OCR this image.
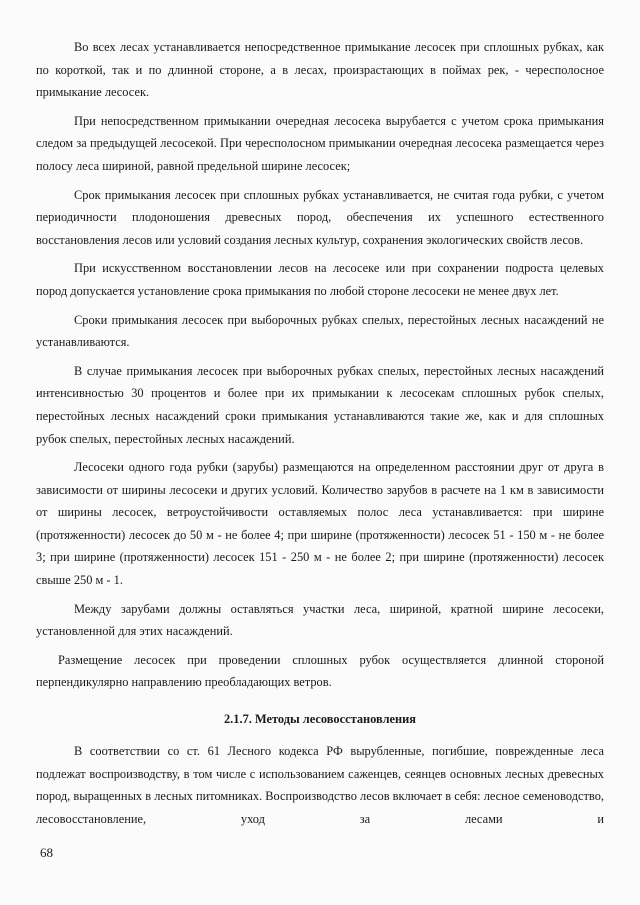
Во всех лесах устанавливается непосредственное примыкание лесосек при сплошных рубках, как по короткой, так и по длинной стороне, а в лесах, произрастающих в поймах рек, - чересполосное примыкание лесосек.

При непосредственном примыкании очередная лесосека вырубается с учетом срока примыкания следом за предыдущей лесосекой. При чересполосном примыкании очередная лесосека размещается через полосу леса шириной, равной предельной ширине лесосек;

Срок примыкания лесосек при сплошных рубках устанавливается, не считая года рубки, с учетом периодичности плодоношения древесных пород, обеспечения их успешного естественного восстановления лесов или условий создания лесных культур, сохранения экологических свойств лесов.

При искусственном восстановлении лесов на лесосеке или при сохранении подроста целевых пород допускается установление срока примыкания по любой стороне лесосеки не менее двух лет.

Сроки примыкания лесосек при выборочных рубках спелых, перестойных лесных насаждений не устанавливаются.

В случае примыкания лесосек при выборочных рубках спелых, перестойных лесных насаждений интенсивностью 30 процентов и более при их примыкании к лесосекам сплошных рубок спелых, перестойных лесных насаждений сроки примыкания устанавливаются такие же, как и для сплошных рубок спелых, перестойных лесных насаждений.

Лесосеки одного года рубки (зарубы) размещаются на определенном расстоянии друг от друга в зависимости от ширины лесосеки и других условий. Количество зарубов в расчете на 1 км в зависимости от ширины лесосек, ветроустойчивости оставляемых полос леса устанавливается: при ширине (протяженности) лесосек до 50 м - не более 4; при ширине (протяженности) лесосек 51 - 150 м - не более 3; при ширине (протяженности) лесосек 151 - 250 м - не более 2; при ширине (протяженности) лесосек свыше 250 м - 1.

Между зарубами должны оставляться участки леса, шириной, кратной ширине лесосеки, установленной для этих насаждений.

Размещение лесосек при проведении сплошных рубок осуществляется длинной стороной перпендикулярно направлению преобладающих ветров.

2.1.7. Методы лесовосстановления

В соответствии со ст. 61 Лесного кодекса РФ вырубленные, погибшие, поврежденные леса подлежат воспроизводству, в том числе с использованием саженцев, сеянцев основных лесных древесных пород, выращенных в лесных питомниках. Воспроизводство лесов включает в себя: лесное семеноводство, лесовосстановление, уход за лесами и

68
